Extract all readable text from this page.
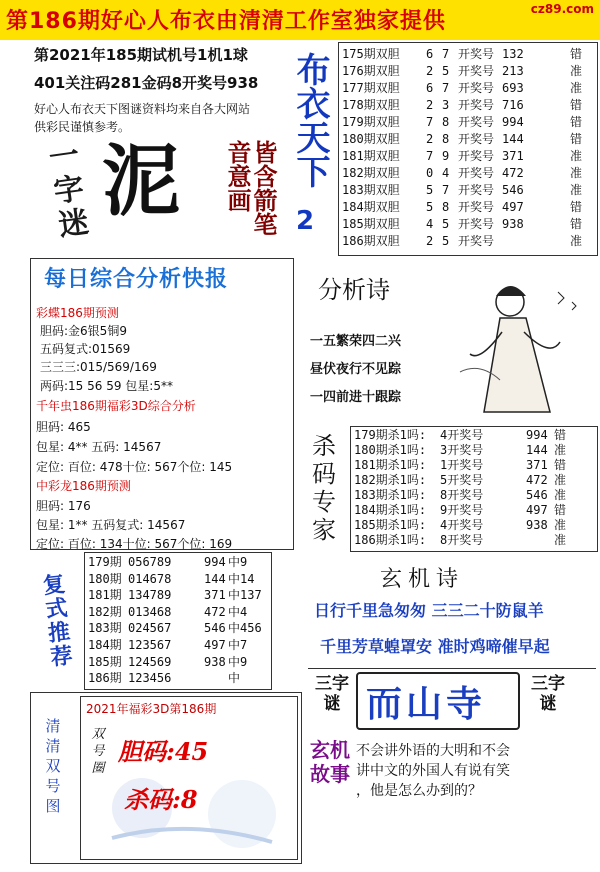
第186期好心人布衣由清清工作室独家提供	cz89.com
第2021年185期试机号1机1球
401关注码281金码8开奖号938
好心人布衣天下图谜资料均来自各大网站
供彩民谨慎参考。
一字迷 泥	皆含箭笔音意画	布衣天下
2
175期双胆	6 7 开奖号 132	错
176期双胆	2 5 开奖号 213	准
177期双胆	6 7 开奖号 693	准
178期双胆	2 3 开奖号 716	错
179期双胆	7 8 开奖号 994	错
180期双胆	2 8 开奖号 144	错
181期双胆	7 9 开奖号 371	准
182期双胆	0 4 开奖号 472	准
183期双胆	5 7 开奖号 546	准
184期双胆	5 8 开奖号 497	错
185期双胆	4 5 开奖号 938	错
186期双胆	2 5 开奖号	准
每日综合分析快报
彩蝶186期预测
胆码:金6银5铜9
五码复式:01569
三三三:015/569/169
两码:15 56 59 包星:5**
千年虫186期福彩3D综合分析
胆码: 465
包星: 4** 五码: 14567
定位: 百位: 478十位: 567个位: 145
中彩龙186期预测
胆码: 176
包星: 1** 五码复式: 14567
定位: 百位: 134十位: 567个位: 169
分析诗
一五繁荣四二兴
昼伏夜行不见踪
一四前进十跟踪
179期杀1吗:	4开奖号	994 错
180期杀1吗:	3开奖号	144 准
181期杀1吗:	1开奖号	371 错
182期杀1吗:	5开奖号	472 准
183期杀1吗:	8开奖号	546 准
184期杀1吗:	9开奖号	497 错
185期杀1吗:	4开奖号	938 准
186期杀1吗:	8开奖号	准
杀码专家
179期 056789	994 中9
180期 014678	144 中14
181期 134789	371 中137
182期 013468	472 中4
183期 024567	546 中456
184期 123567	497 中7
185期 124569	938 中9
186期 123456	中
复式推荐
玄机诗
日行千里急匆匆 三三二十防鼠羊
千里芳草蝗罩安 准时鸡啼催早起
三字谜
三字谜
而山寺
清清双号图
2021年福彩3D第186期
双号圈
胆码:45
杀码:8
玄机故事
不会讲外语的大明和不会
讲中文的外国人有说有笑
，他是怎么办到的？
